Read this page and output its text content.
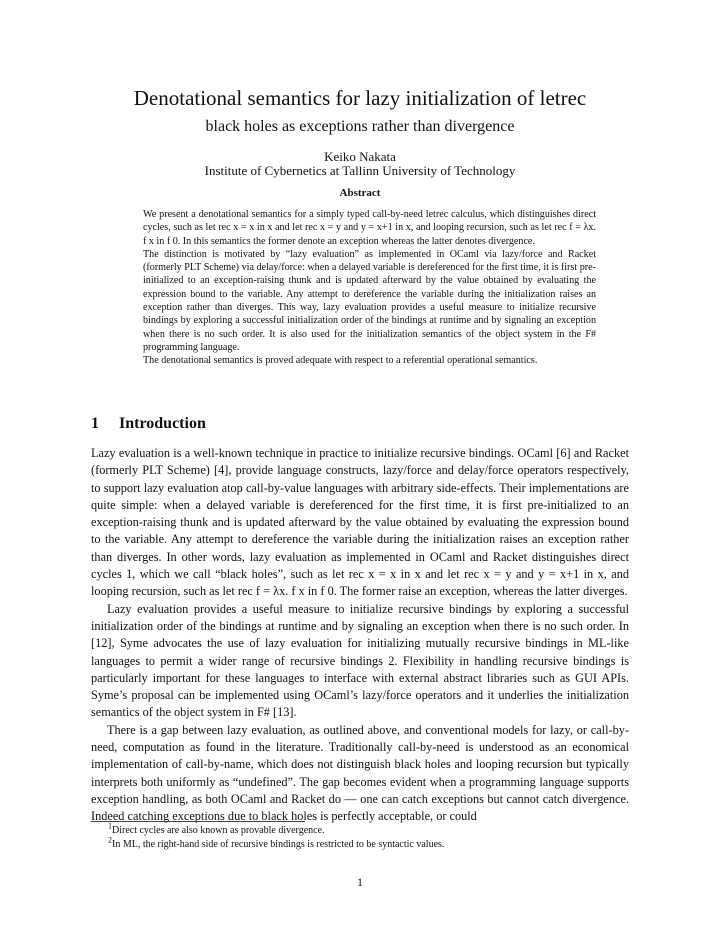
Denotational semantics for lazy initialization of letrec
black holes as exceptions rather than divergence
Keiko Nakata
Institute of Cybernetics at Tallinn University of Technology
Abstract

We present a denotational semantics for a simply typed call-by-need letrec calculus, which distinguishes direct cycles, such as let rec x = x in x and let rec x = y and y = x+1 in x, and looping recursion, such as let rec f = λx. f x in f 0. In this semantics the former denote an exception whereas the latter denotes divergence.

The distinction is motivated by “lazy evaluation” as implemented in OCaml via lazy/force and Racket (formerly PLT Scheme) via delay/force: when a delayed variable is dereferenced for the first time, it is first pre-initialized to an exception-raising thunk and is updated afterward by the value obtained by evaluating the expression bound to the variable. Any attempt to dereference the variable during the initialization raises an exception rather than diverges. This way, lazy evaluation provides a useful measure to initialize recursive bindings by exploring a successful initialization order of the bindings at runtime and by signaling an exception when there is no such order. It is also used for the initialization semantics of the object system in the F# programming language.

The denotational semantics is proved adequate with respect to a referential operational semantics.

1 Introduction

Lazy evaluation is a well-known technique in practice to initialize recursive bindings. OCaml [6] and Racket (formerly PLT Scheme) [4], provide language constructs, lazy/force and delay/force operators respectively, to support lazy evaluation atop call-by-value languages with arbitrary side-effects. Their implementations are quite simple: when a delayed variable is dereferenced for the first time, it is first pre-initialized to an exception-raising thunk and is updated afterward by the value obtained by evaluating the expression bound to the variable. Any attempt to dereference the variable during the initialization raises an exception rather than diverges. In other words, lazy evaluation as implemented in OCaml and Racket distinguishes direct cycles 1, which we call “black holes”, such as let rec x = x in x and let rec x = y and y = x+1 in x, and looping recursion, such as let rec f = λx. f x in f 0. The former raise an exception, whereas the latter diverges.

Lazy evaluation provides a useful measure to initialize recursive bindings by exploring a successful initialization order of the bindings at runtime and by signaling an exception when there is no such order. In [12], Syme advocates the use of lazy evaluation for initializing mutually recursive bindings in ML-like languages to permit a wider range of recursive bindings 2. Flexibility in handling recursive bindings is particularly important for these languages to interface with external abstract libraries such as GUI APIs. Syme’s proposal can be implemented using OCaml’s lazy/force operators and it underlies the initialization semantics of the object system in F# [13].

There is a gap between lazy evaluation, as outlined above, and conventional models for lazy, or call-by-need, computation as found in the literature. Traditionally call-by-need is understood as an economical implementation of call-by-name, which does not distinguish black holes and looping recursion but typically interprets both uniformly as “undefined”. The gap becomes evident when a programming language supports exception handling, as both OCaml and Racket do — one can catch exceptions but cannot catch divergence. Indeed catching exceptions due to black holes is perfectly acceptable, or could

$^1$Direct cycles are also known as provable divergence.
$^2$In ML, the right-hand side of recursive bindings is restricted to be syntactic values.
1
